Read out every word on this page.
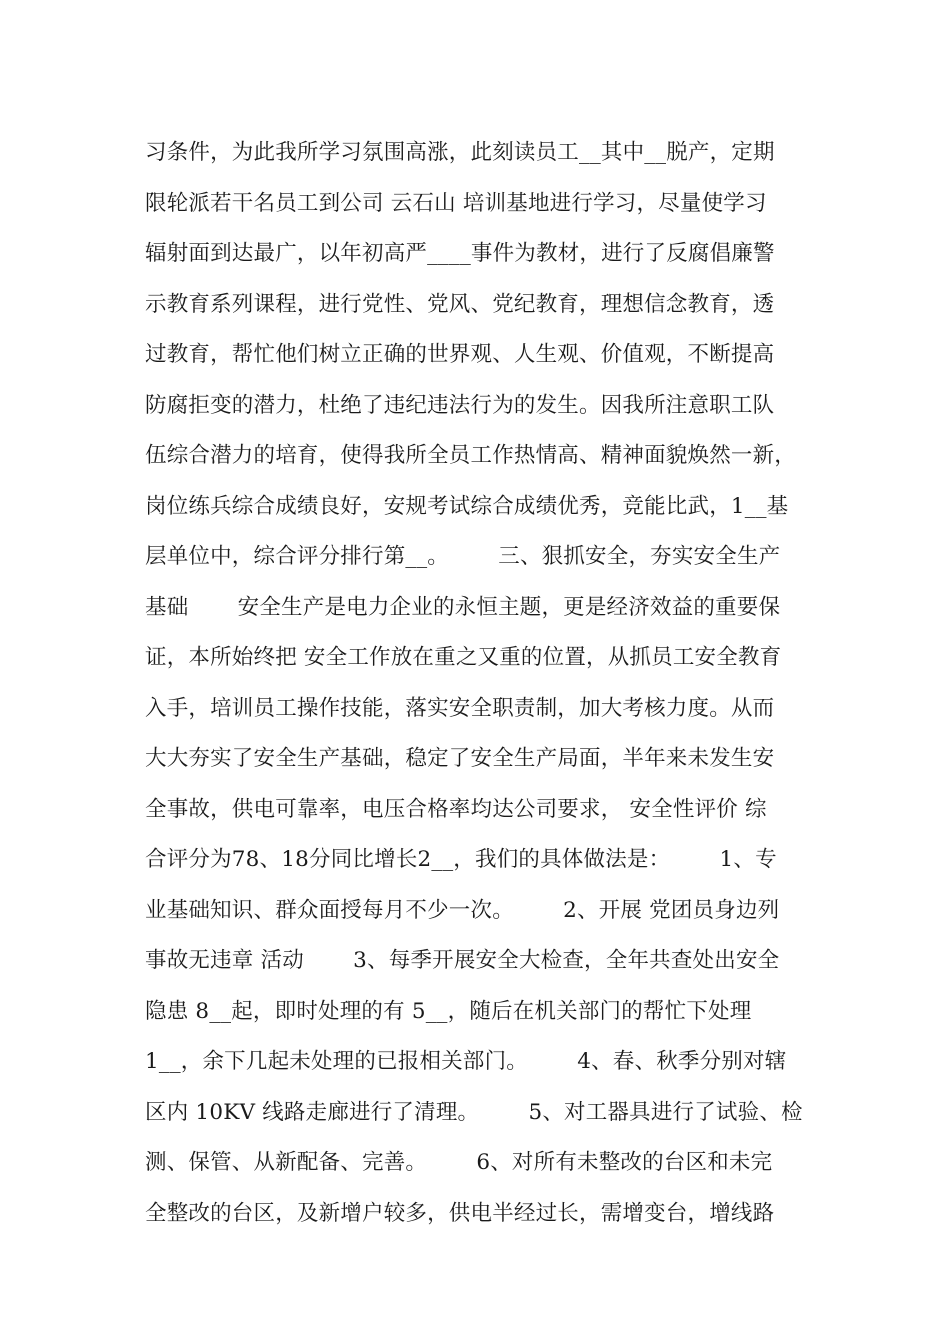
习条件，为此我所学习氛围高涨，此刻读员工__其中__脱产，定期
限轮派若干名员工到公司 云石山 培训基地进行学习，尽量使学习
辐射面到达最广，以年初高严____事件为教材，进行了反腐倡廉警
示教育系列课程，进行党性、党风、党纪教育，理想信念教育，透
过教育，帮忙他们树立正确的世界观、人生观、价值观，不断提高
防腐拒变的潜力，杜绝了违纪违法行为的发生。因我所注意职工队
伍综合潜力的培育，使得我所全员工作热情高、精神面貌焕然一新，
岗位练兵综合成绩良好，安规考试综合成绩优秀，竞能比武，1__基
层单位中，综合评分排行第__。       三、狠抓安全，夯实安全生产
基础       安全生产是电力企业的永恒主题，更是经济效益的重要保
证，本所始终把 安全工作放在重之又重的位置，从抓员工安全教育
入手，培训员工操作技能，落实安全职责制，加大考核力度。从而
大大夯实了安全生产基础，稳定了安全生产局面，半年来未发生安
全事故，供电可靠率，电压合格率均达公司要求， 安全性评价 综
合评分为78、18分同比增长2__，我们的具体做法是：       1、专
业基础知识、群众面授每月不少一次。       2、开展 党团员身边列
事故无违章 活动       3、每季开展安全大检查，全年共查处出安全
隐患 8__起，即时处理的有 5__，随后在机关部门的帮忙下处理
1__，余下几起未处理的已报相关部门。       4、春、秋季分别对辖
区内 10KV 线路走廊进行了清理。       5、对工器具进行了试验、检
测、保管、从新配备、完善。       6、对所有未整改的台区和未完
全整改的台区，及新增户较多，供电半经过长，需增变台，增线路
